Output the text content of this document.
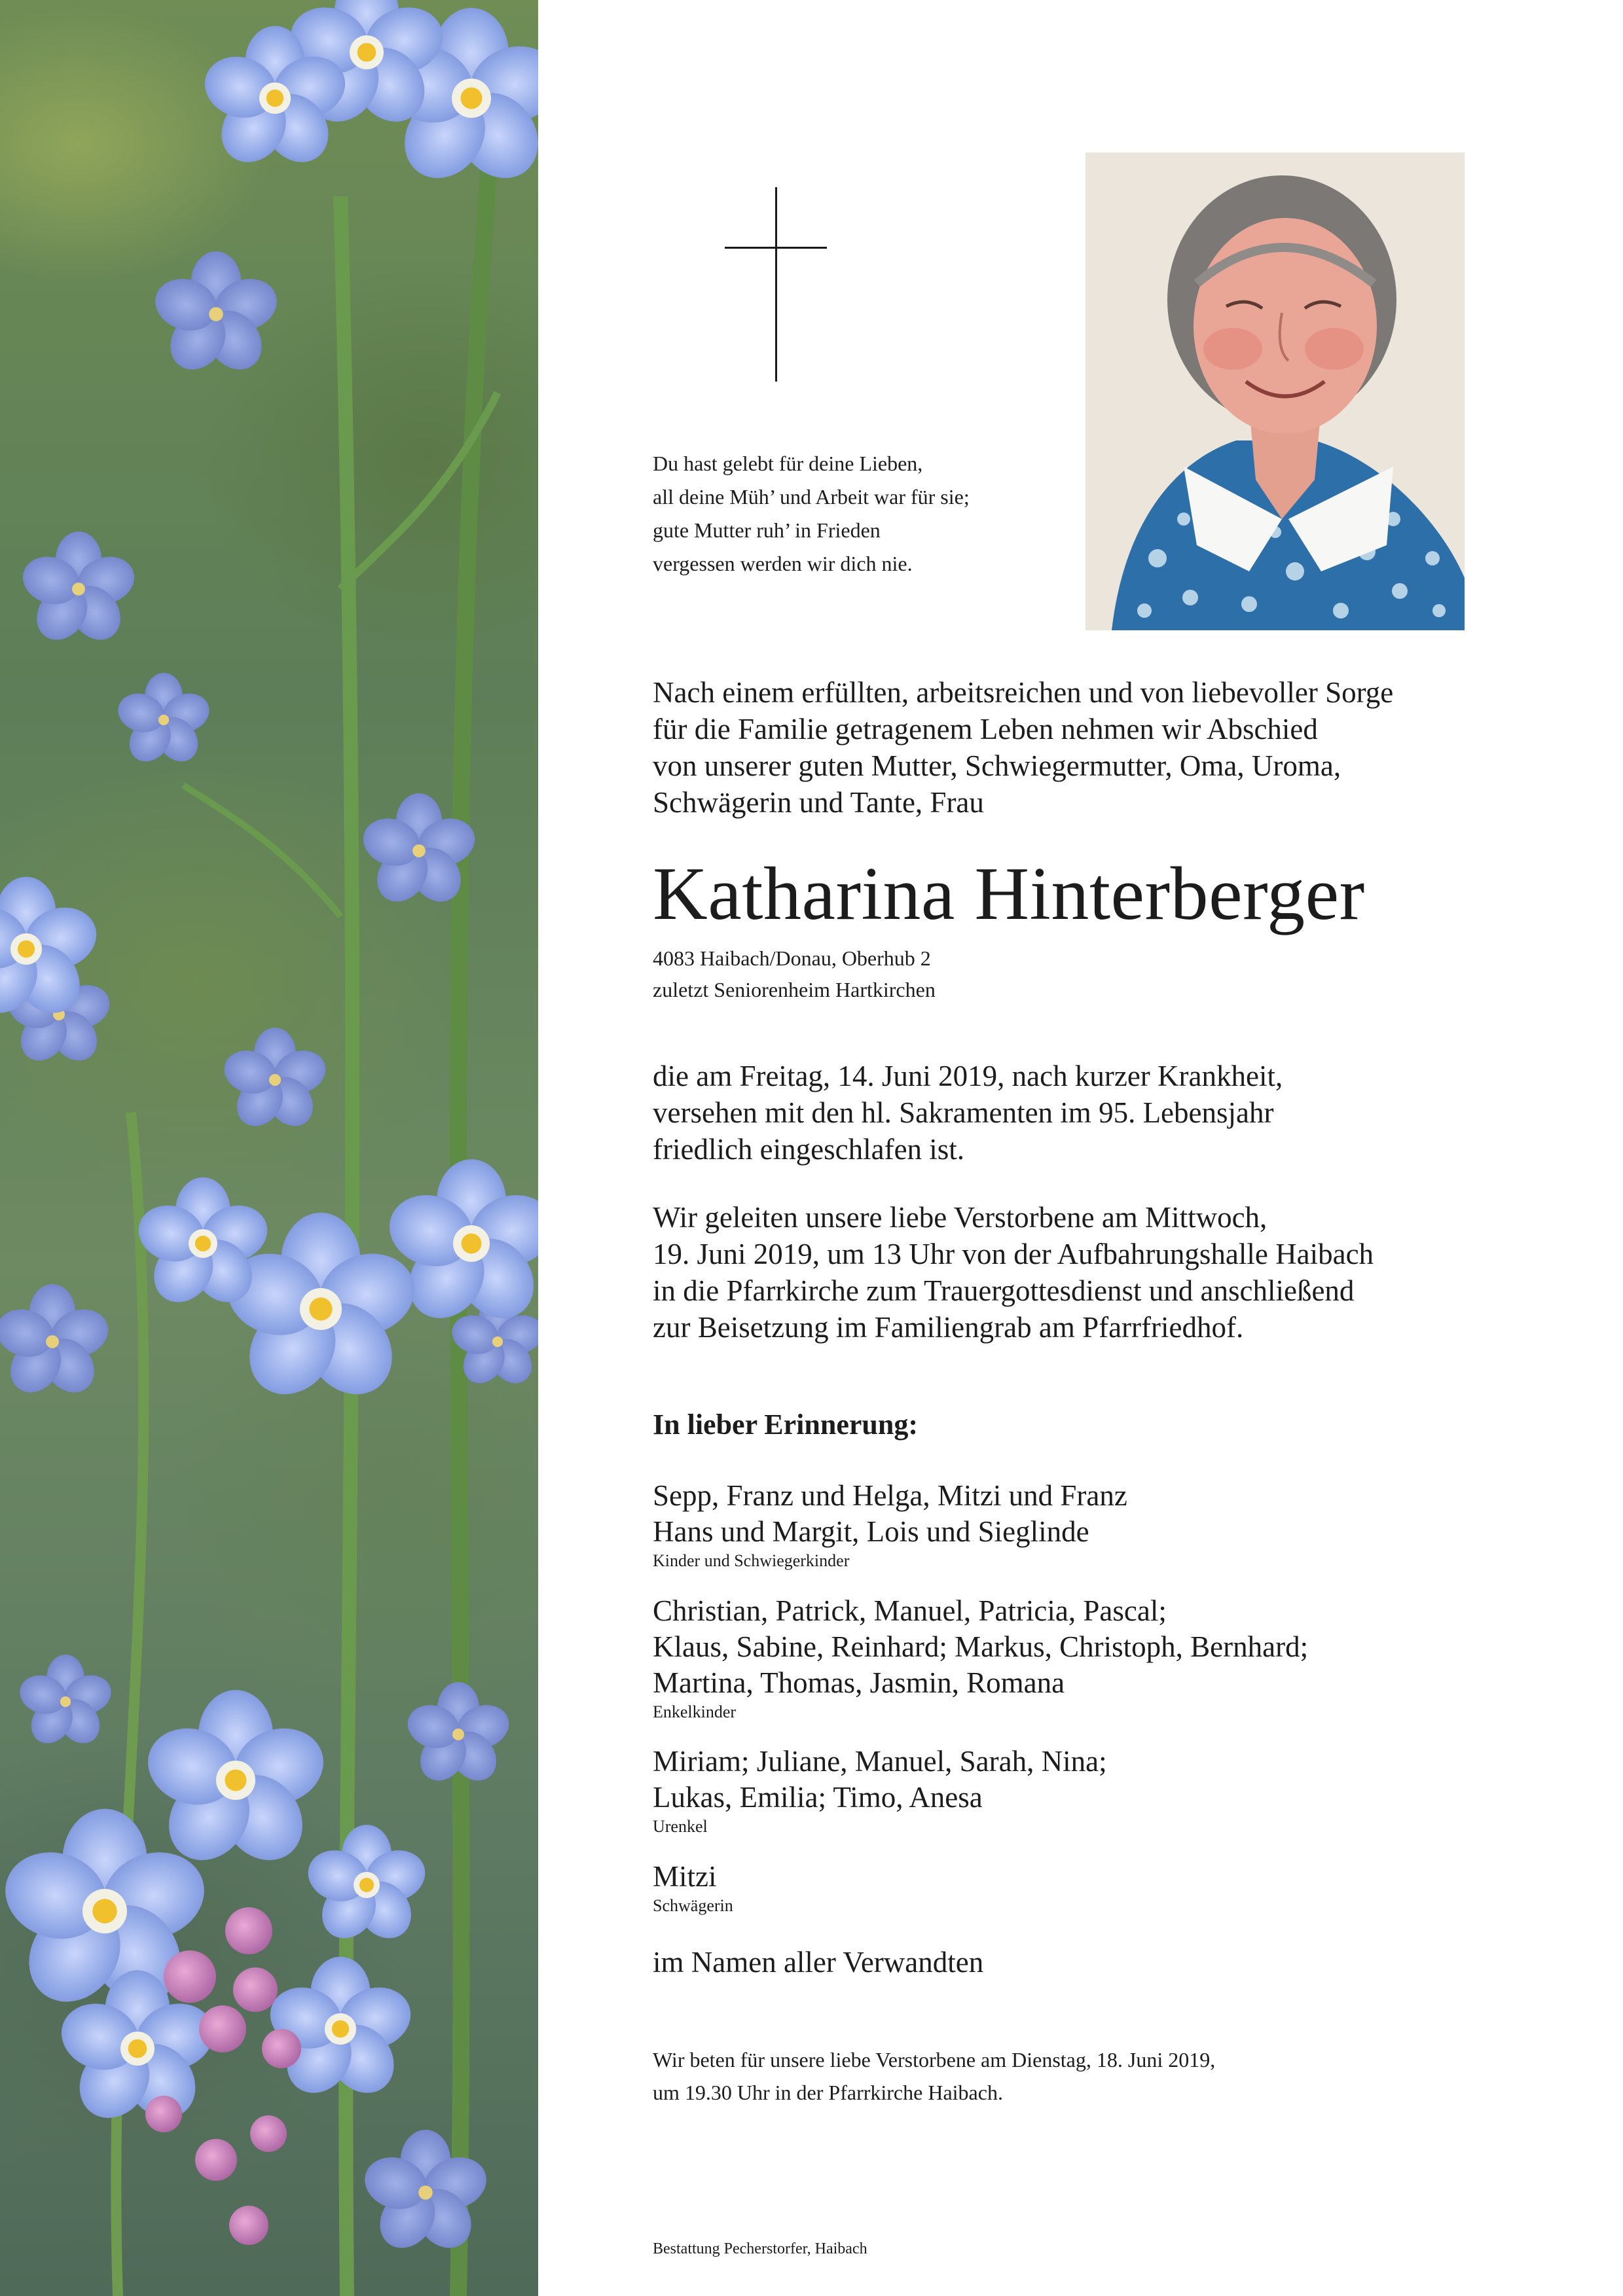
Du hast gelebt für deine Lieben,
all deine Müh’ und Arbeit war für sie;
gute Mutter ruh’ in Frieden
vergessen werden wir dich nie.
Nach einem erfüllten, arbeitsreichen und von liebevoller Sorge
für die Familie getragenem Leben nehmen wir Abschied
von unserer guten Mutter, Schwiegermutter, Oma, Uroma,
Schwägerin und Tante, Frau
Katharina Hinterberger
4083 Haibach/Donau, Oberhub 2
zuletzt Seniorenheim Hartkirchen
die am Freitag, 14. Juni 2019, nach kurzer Krankheit,
versehen mit den hl. Sakramenten im 95. Lebensjahr
friedlich eingeschlafen ist.
Wir geleiten unsere liebe Verstorbene am Mittwoch,
19. Juni 2019, um 13 Uhr von der Aufbahrungshalle Haibach
in die Pfarrkirche zum Trauergottesdienst und anschließend
zur Beisetzung im Familiengrab am Pfarrfriedhof.
In lieber Erinnerung:
Sepp, Franz und Helga, Mitzi und Franz
Hans und Margit, Lois und Sieglinde
Kinder und Schwiegerkinder
Christian, Patrick, Manuel, Patricia, Pascal;
Klaus, Sabine, Reinhard; Markus, Christoph, Bernhard;
Martina, Thomas, Jasmin, Romana
Enkelkinder
Miriam; Juliane, Manuel, Sarah, Nina;
Lukas, Emilia; Timo, Anesa
Urenkel
Mitzi
Schwägerin
im Namen aller Verwandten
Wir beten für unsere liebe Verstorbene am Dienstag, 18. Juni 2019,
um 19.30 Uhr in der Pfarrkirche Haibach.
Bestattung Pecherstorfer, Haibach
